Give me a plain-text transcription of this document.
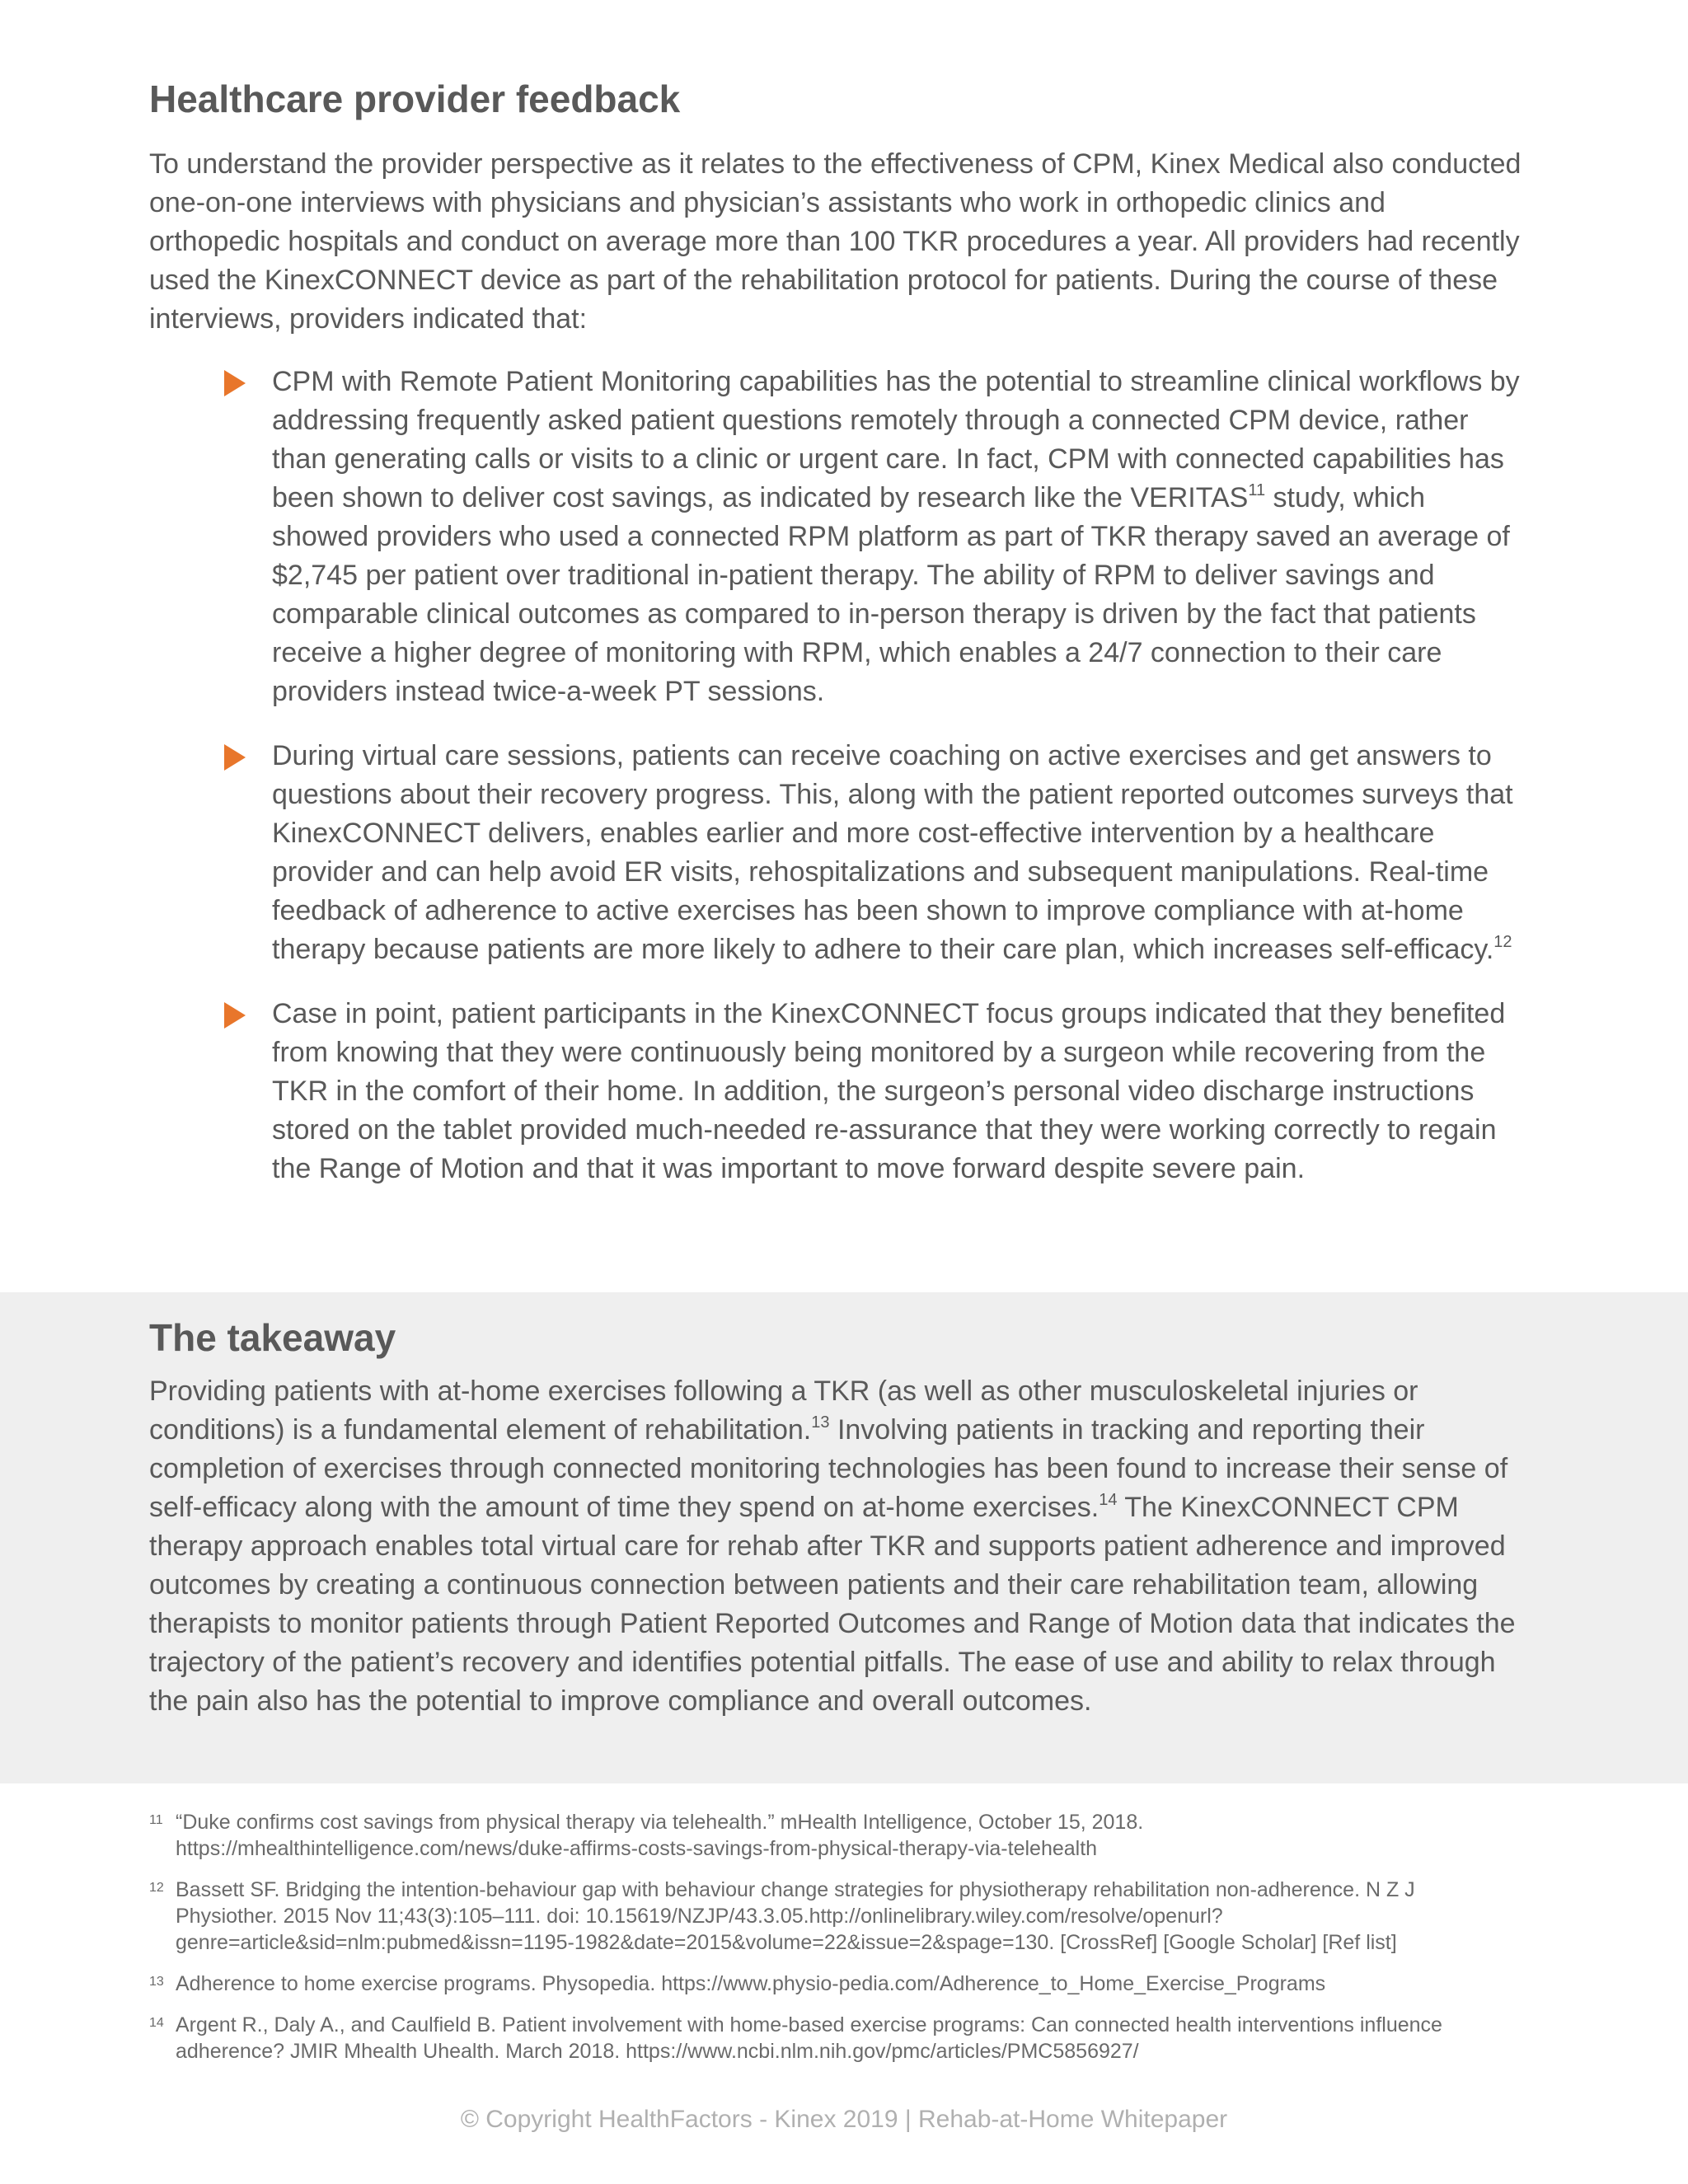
Healthcare provider feedback

To understand the provider perspective as it relates to the effectiveness of CPM, Kinex Medical also conducted one-on-one interviews with physicians and physician’s assistants who work in orthopedic clinics and orthopedic hospitals and conduct on average more than 100 TKR procedures a year. All providers had recently used the KinexCONNECT device as part of the rehabilitation protocol for patients. During the course of these interviews, providers indicated that:

CPM with Remote Patient Monitoring capabilities has the potential to streamline clinical workflows by addressing frequently asked patient questions remotely through a connected CPM device, rather than generating calls or visits to a clinic or urgent care. In fact, CPM with connected capabilities has been shown to deliver cost savings, as indicated by research like the VERITAS$^{11}$ study, which showed providers who used a connected RPM platform as part of TKR therapy saved an average of $2,745 per patient over traditional in-patient therapy. The ability of RPM to deliver savings and comparable clinical outcomes as compared to in-person therapy is driven by the fact that patients receive a higher degree of monitoring with RPM, which enables a 24/7 connection to their care providers instead twice-a-week PT sessions.
During virtual care sessions, patients can receive coaching on active exercises and get answers to questions about their recovery progress. This, along with the patient reported outcomes surveys that KinexCONNECT delivers, enables earlier and more cost-effective intervention by a healthcare provider and can help avoid ER visits, rehospitalizations and subsequent manipulations. Real-time feedback of adherence to active exercises has been shown to improve compliance with at-home therapy because patients are more likely to adhere to their care plan, which increases self-efficacy.$^{12}$
Case in point, patient participants in the KinexCONNECT focus groups indicated that they benefited from knowing that they were continuously being monitored by a surgeon while recovering from the TKR in the comfort of their home. In addition, the surgeon’s personal video discharge instructions stored on the tablet provided much-needed re-assurance that they were working correctly to regain the Range of Motion and that it was important to move forward despite severe pain.
The takeaway

Providing patients with at-home exercises following a TKR (as well as other musculoskeletal injuries or conditions) is a fundamental element of rehabilitation.$^{13}$ Involving patients in tracking and reporting their completion of exercises through connected monitoring technologies has been found to increase their sense of self-efficacy along with the amount of time they spend on at-home exercises.$^{14}$ The KinexCONNECT CPM therapy approach enables total virtual care for rehab after TKR and supports patient adherence and improved outcomes by creating a continuous connection between patients and their care rehabilitation team, allowing therapists to monitor patients through Patient Reported Outcomes and Range of Motion data that indicates the trajectory of the patient’s recovery and identifies potential pitfalls. The ease of use and ability to relax through the pain also has the potential to improve compliance and overall outcomes.

11 “Duke confirms cost savings from physical therapy via telehealth.” mHealth Intelligence, October 15, 2018. https://mhealthintelligence.com/news/duke-affirms-costs-savings-from-physical-therapy-via-telehealth
12 Bassett SF. Bridging the intention-behaviour gap with behaviour change strategies for physiotherapy rehabilitation non-adherence. N Z J Physiother. 2015 Nov 11;43(3):105–111. doi: 10.15619/NZJP/43.3.05.http://onlinelibrary.wiley.com/resolve/openurl?genre=article&sid=nlm:pubmed&issn=1195-1982&date=2015&volume=22&issue=2&spage=130. [CrossRef] [Google Scholar] [Ref list]
13 Adherence to home exercise programs. Physopedia. https://www.physio-pedia.com/Adherence_to_Home_Exercise_Programs
14 Argent R., Daly A., and Caulfield B. Patient involvement with home-based exercise programs: Can connected health interventions influence adherence? JMIR Mhealth Uhealth. March 2018. https://www.ncbi.nlm.nih.gov/pmc/articles/PMC5856927/
© Copyright HealthFactors - Kinex 2019 | Rehab-at-Home Whitepaper
